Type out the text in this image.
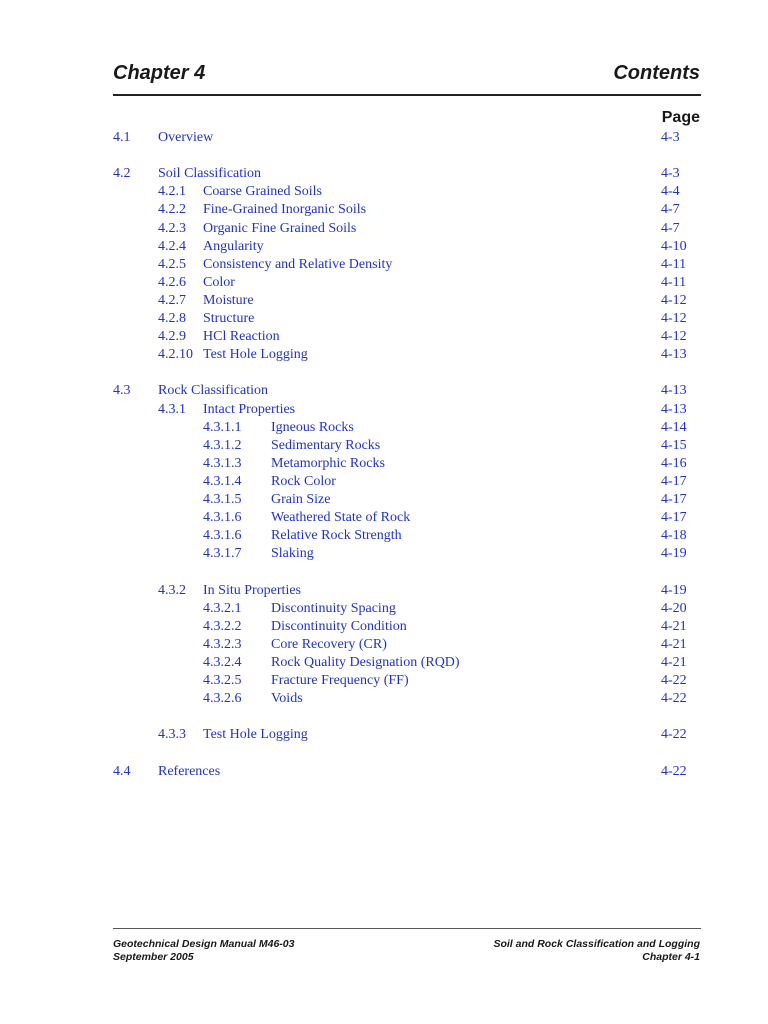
Chapter 4	Contents
Page
4.1 Overview	4-3
4.2 Soil Classification	4-3
4.2.1 Coarse Grained Soils	4-4
4.2.2 Fine-Grained Inorganic Soils	4-7
4.2.3 Organic Fine Grained Soils	4-7
4.2.4 Angularity	4-10
4.2.5 Consistency and Relative Density	4-11
4.2.6 Color	4-11
4.2.7 Moisture	4-12
4.2.8 Structure	4-12
4.2.9 HCl Reaction	4-12
4.2.10 Test Hole Logging	4-13
4.3 Rock Classification	4-13
4.3.1 Intact Properties	4-13
4.3.1.1 Igneous Rocks	4-14
4.3.1.2 Sedimentary Rocks	4-15
4.3.1.3 Metamorphic Rocks	4-16
4.3.1.4 Rock Color	4-17
4.3.1.5 Grain Size	4-17
4.3.1.6 Weathered State of Rock	4-17
4.3.1.6 Relative Rock Strength	4-18
4.3.1.7 Slaking	4-19
4.3.2 In Situ Properties	4-19
4.3.2.1 Discontinuity Spacing	4-20
4.3.2.2 Discontinuity Condition	4-21
4.3.2.3 Core Recovery (CR)	4-21
4.3.2.4 Rock Quality Designation (RQD)	4-21
4.3.2.5 Fracture Frequency (FF)	4-22
4.3.2.6 Voids	4-22
4.3.3 Test Hole Logging	4-22
4.4 References	4-22
Geotechnical Design Manual M46-03
September 2005
Soil and Rock Classification and Logging
Chapter 4-1
